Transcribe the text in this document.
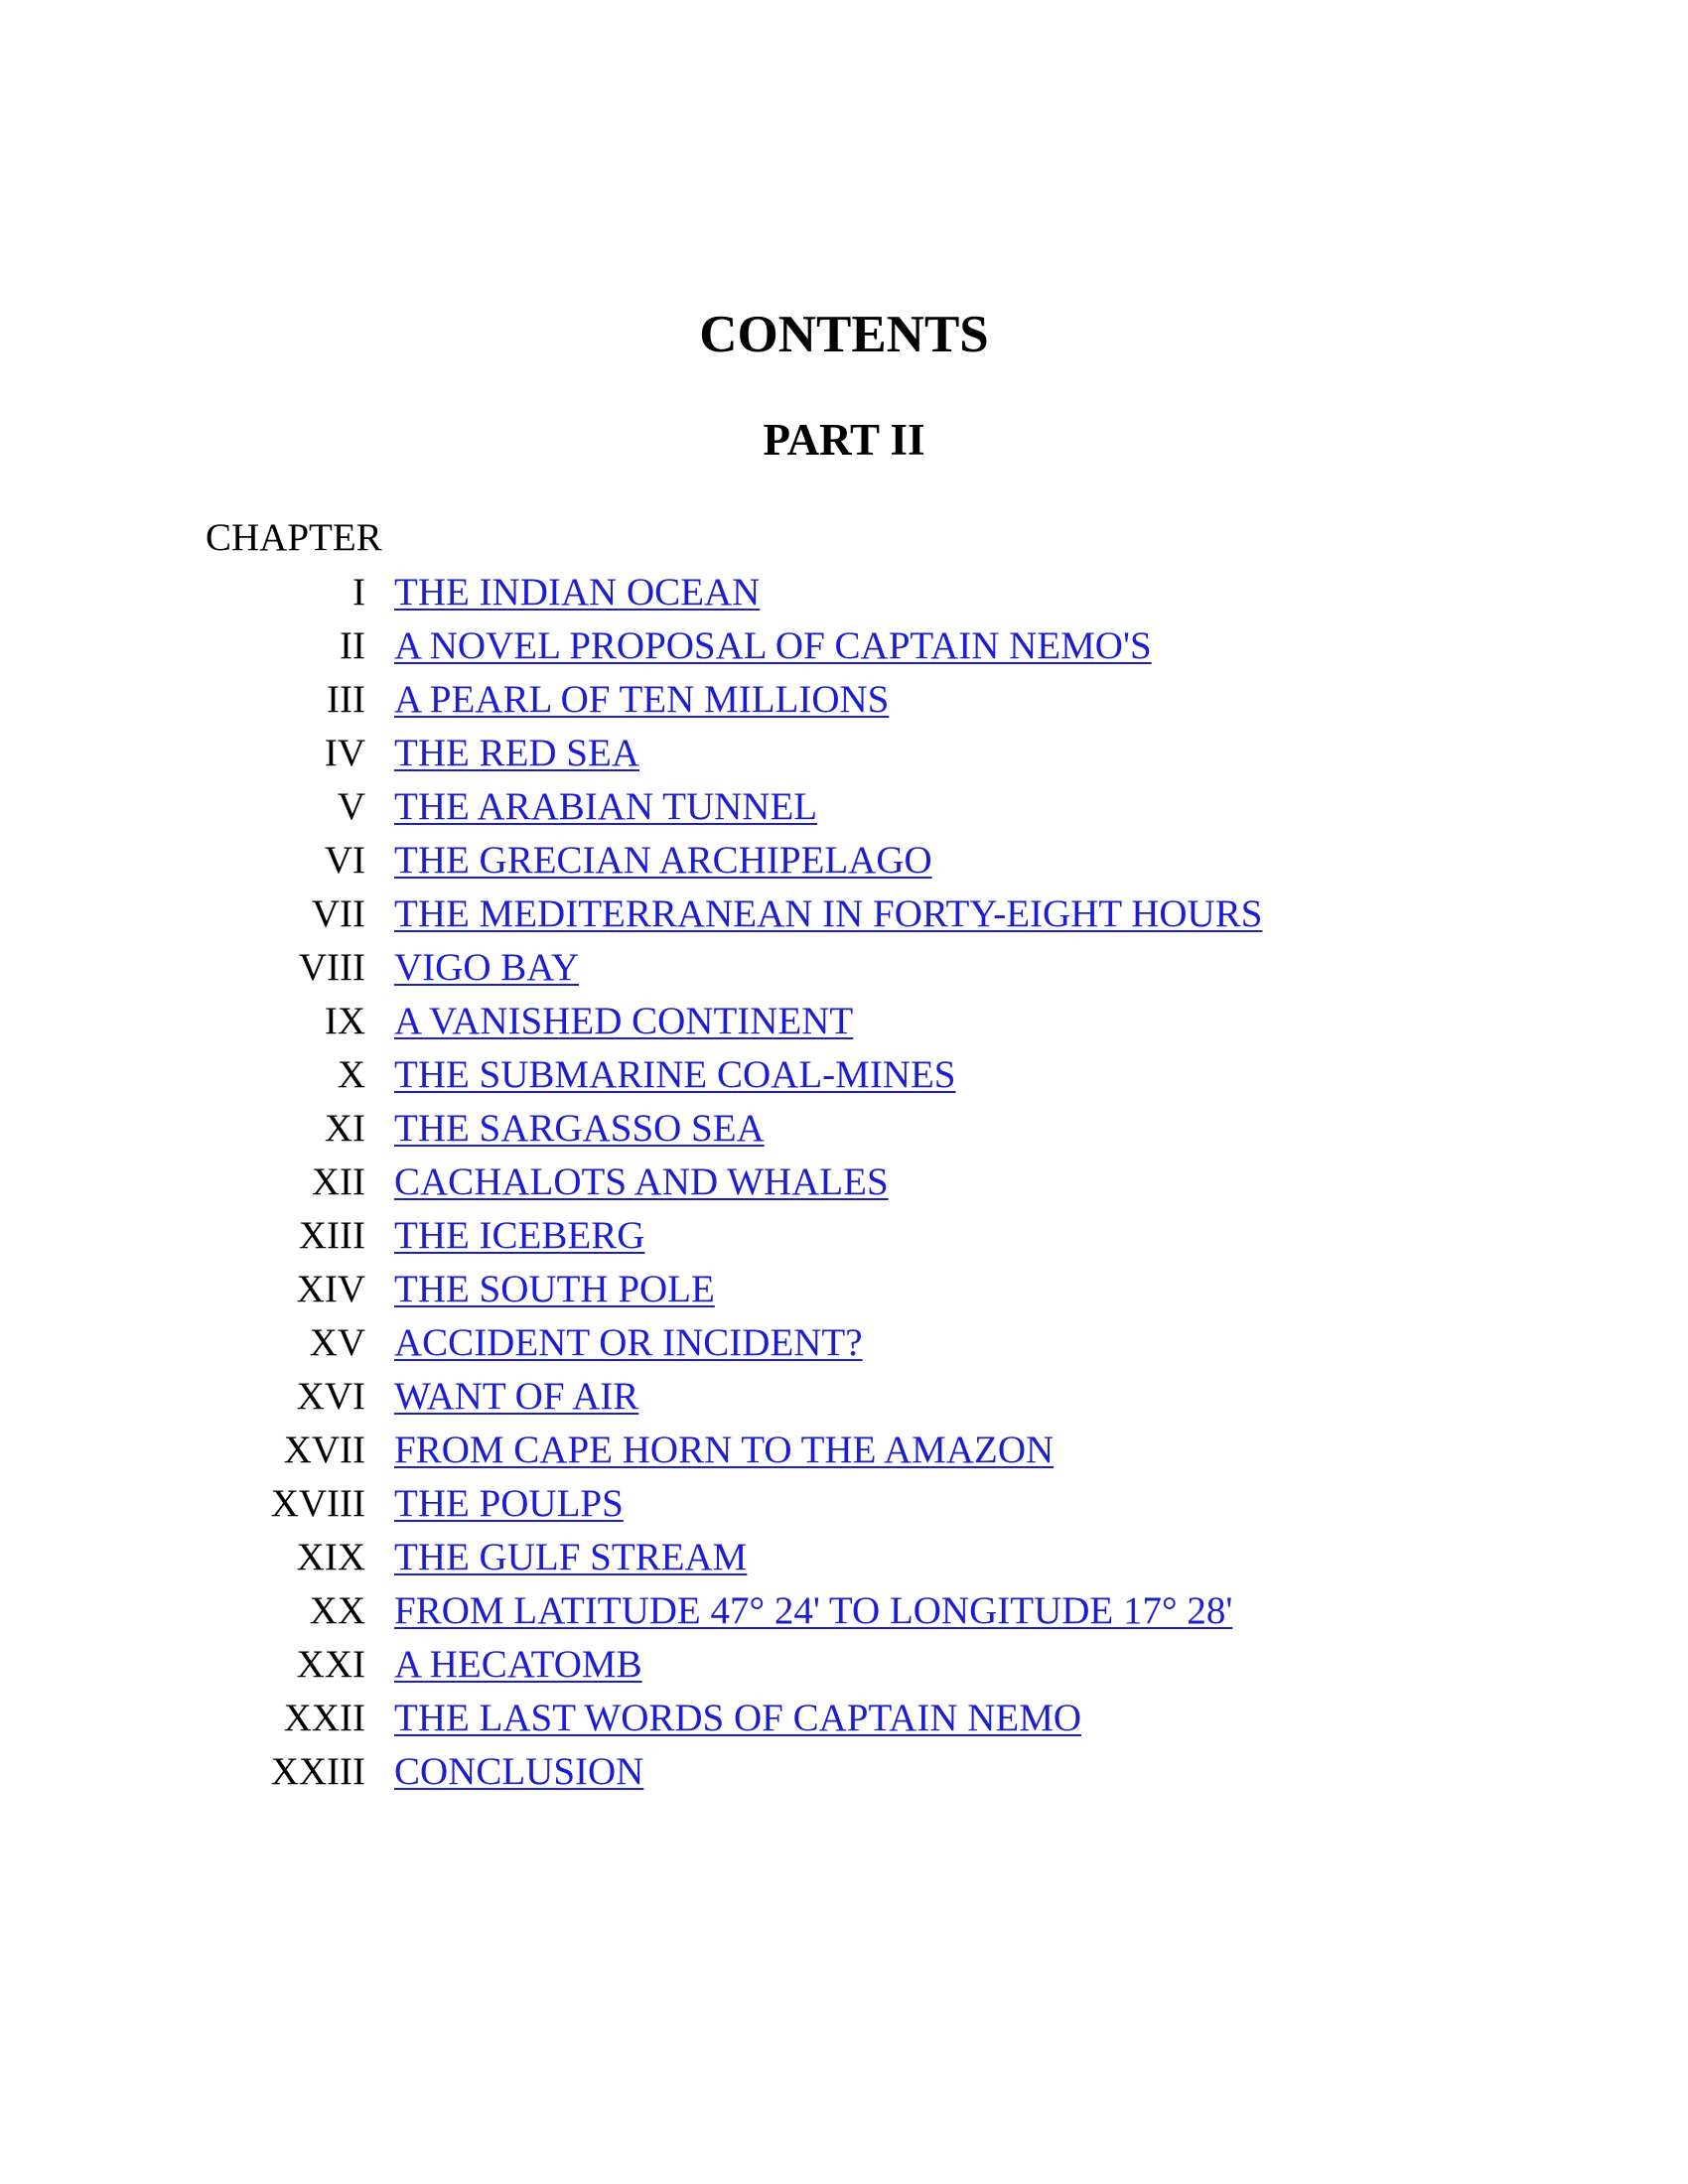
CONTENTS
PART II
CHAPTER
I THE INDIAN OCEAN
II A NOVEL PROPOSAL OF CAPTAIN NEMO'S
III A PEARL OF TEN MILLIONS
IV THE RED SEA
V THE ARABIAN TUNNEL
VI THE GRECIAN ARCHIPELAGO
VII THE MEDITERRANEAN IN FORTY-EIGHT HOURS
VIII VIGO BAY
IX A VANISHED CONTINENT
X THE SUBMARINE COAL-MINES
XI THE SARGASSO SEA
XII CACHALOTS AND WHALES
XIII THE ICEBERG
XIV THE SOUTH POLE
XV ACCIDENT OR INCIDENT?
XVI WANT OF AIR
XVII FROM CAPE HORN TO THE AMAZON
XVIII THE POULPS
XIX THE GULF STREAM
XX FROM LATITUDE 47° 24' TO LONGITUDE 17° 28'
XXI A HECATOMB
XXII THE LAST WORDS OF CAPTAIN NEMO
XXIII CONCLUSION
